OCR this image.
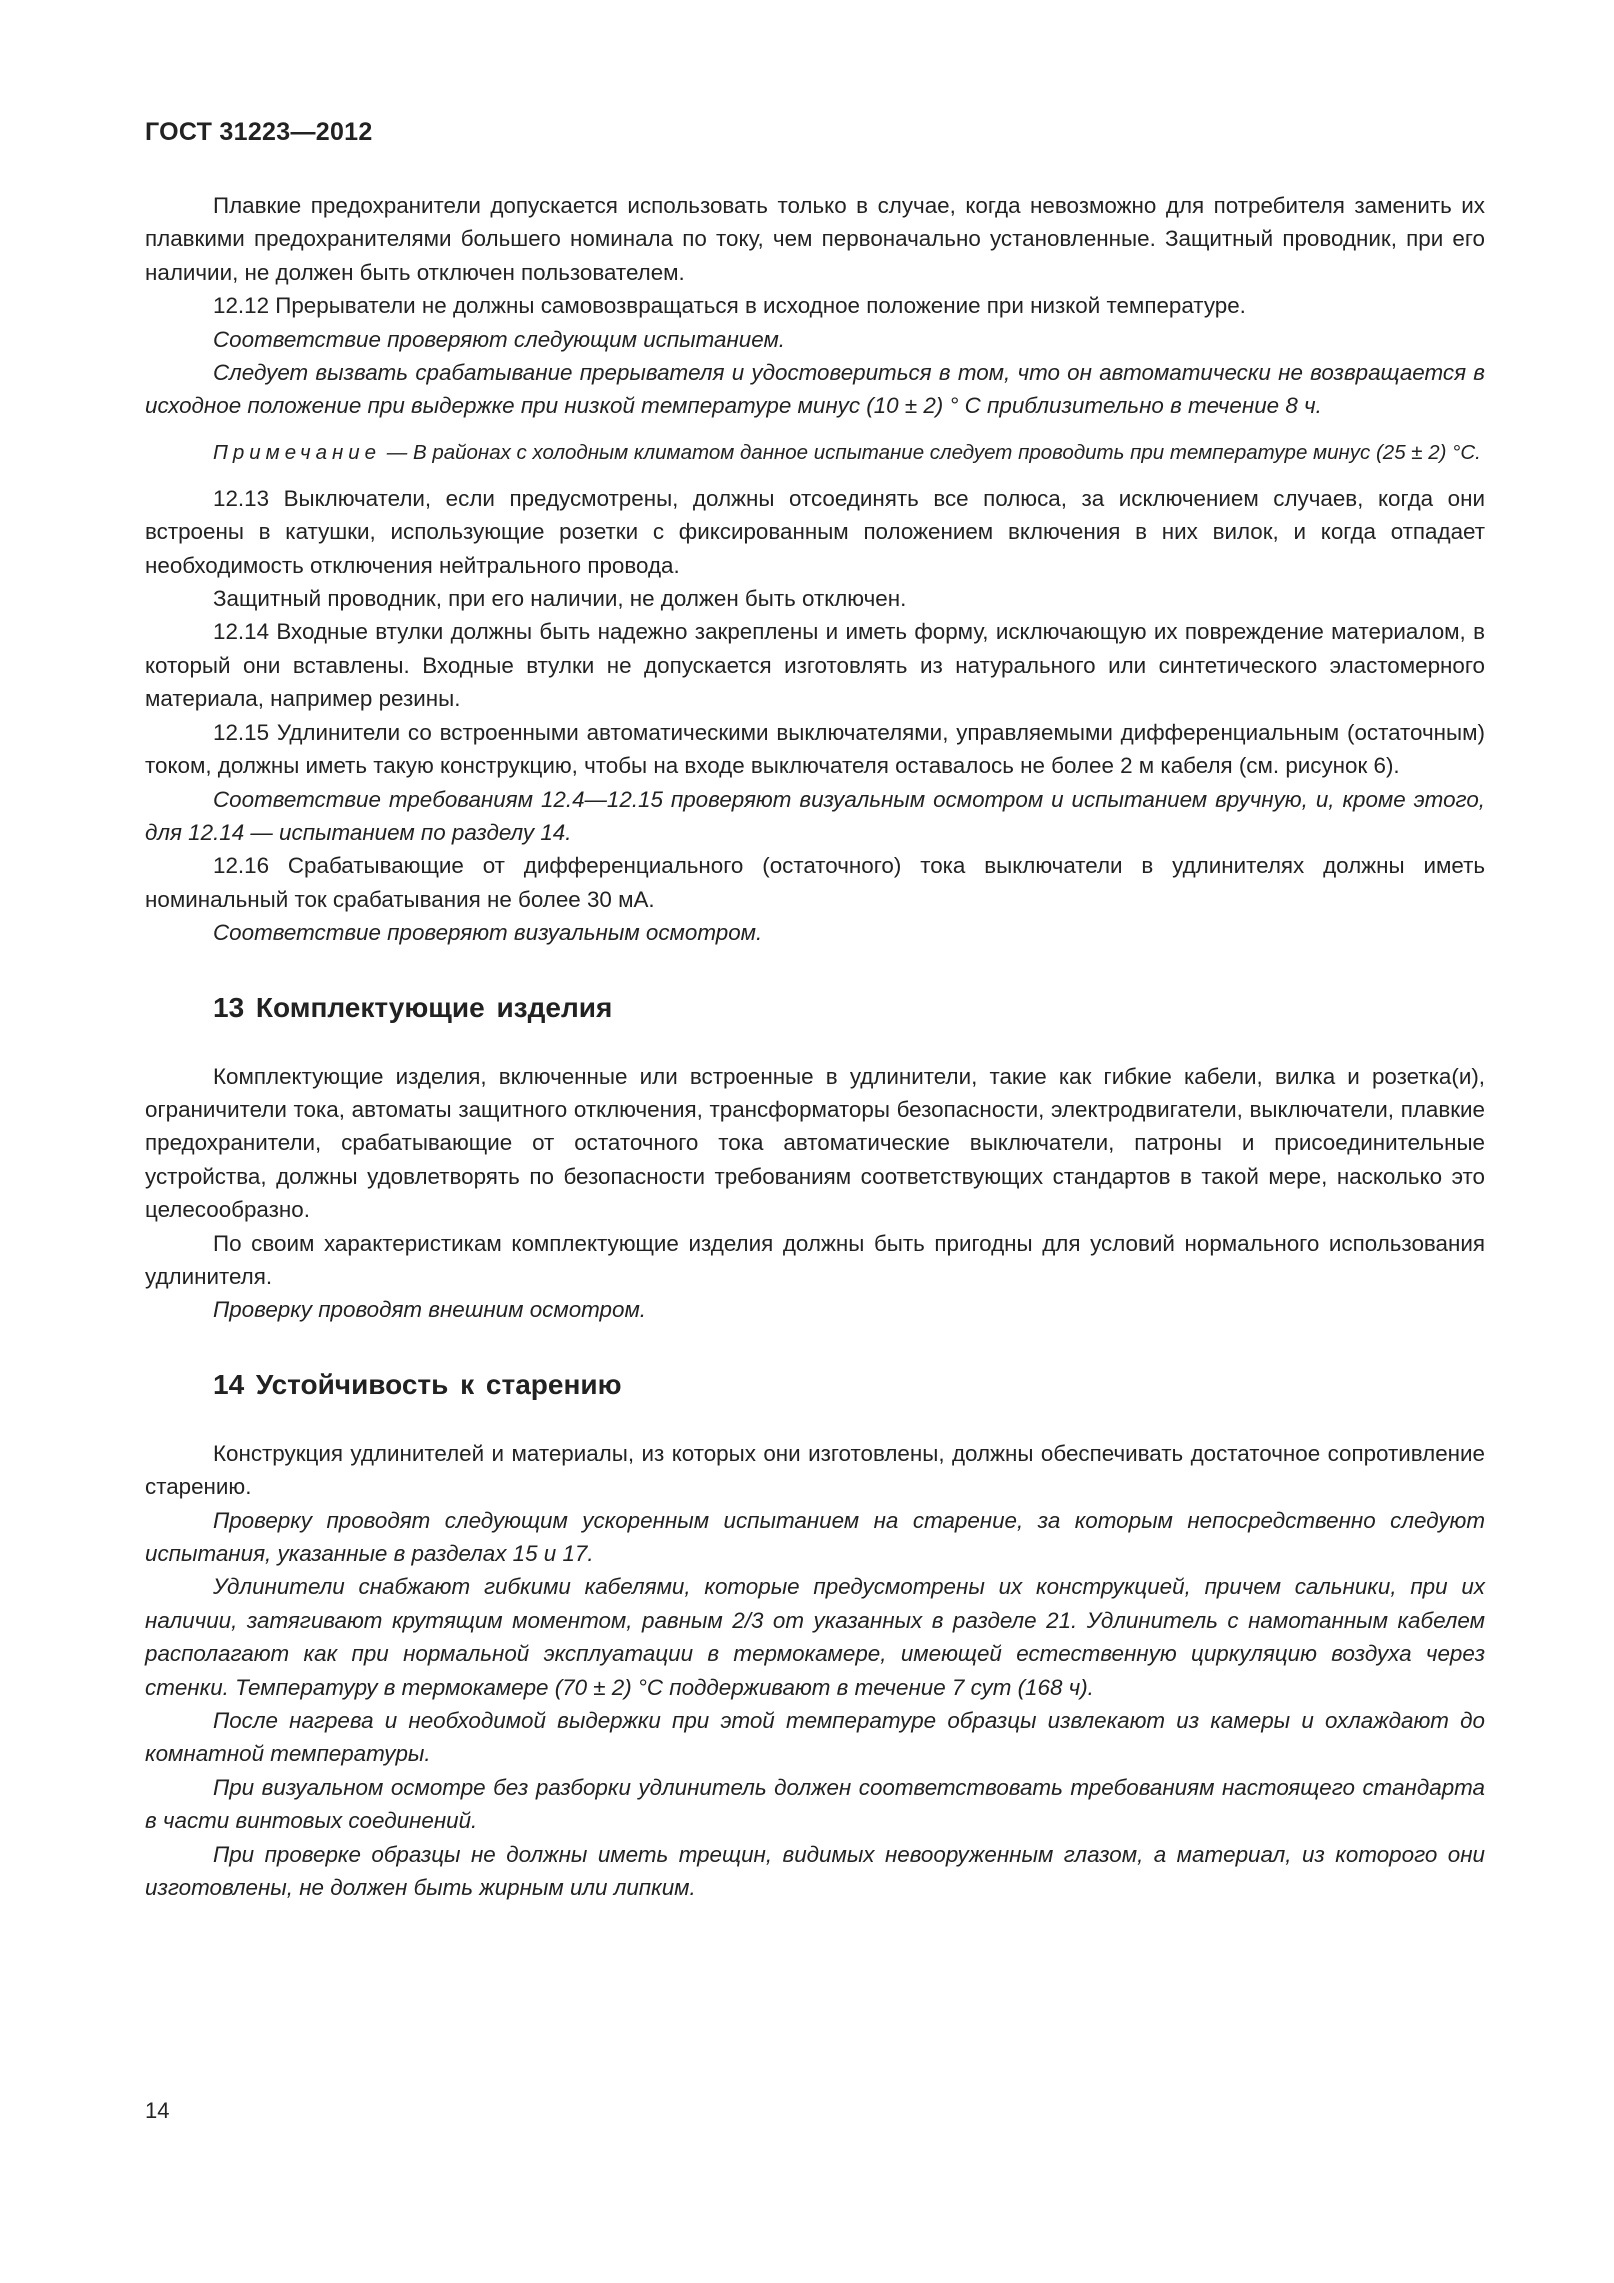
ГОСТ 31223—2012

Плавкие предохранители допускается использовать только в случае, когда невозможно для потребителя заменить их плавкими предохранителями большего номинала по току, чем первоначально установленные. Защитный проводник, при его наличии, не должен быть отключен пользователем.

12.12 Прерыватели не должны самовозвращаться в исходное положение при низкой температуре.

Соответствие проверяют следующим испытанием.

Следует вызвать срабатывание прерывателя и удостовериться в том, что он автоматически не возвращается в исходное положение при выдержке при низкой температуре минус (10 ± 2) ° С приблизительно в течение 8 ч.

Примечание — В районах с холодным климатом данное испытание следует проводить при температуре минус (25 ± 2) °С.

12.13 Выключатели, если предусмотрены, должны отсоединять все полюса, за исключением случаев, когда они встроены в катушки, использующие розетки с фиксированным положением включения в них вилок, и когда отпадает необходимость отключения нейтрального провода.

Защитный проводник, при его наличии, не должен быть отключен.

12.14 Входные втулки должны быть надежно закреплены и иметь форму, исключающую их повреждение материалом, в который они вставлены. Входные втулки не допускается изготовлять из натурального или синтетического эластомерного материала, например резины.

12.15 Удлинители со встроенными автоматическими выключателями, управляемыми дифференциальным (остаточным) током, должны иметь такую конструкцию, чтобы на входе выключателя оставалось не более 2 м кабеля (см. рисунок 6).

Соответствие требованиям 12.4—12.15 проверяют визуальным осмотром и испытанием вручную, и, кроме этого, для 12.14 — испытанием по разделу 14.

12.16 Срабатывающие от дифференциального (остаточного) тока выключатели в удлинителях должны иметь номинальный ток срабатывания не более 30 мА.

Соответствие проверяют визуальным осмотром.

13 Комплектующие изделия

Комплектующие изделия, включенные или встроенные в удлинители, такие как гибкие кабели, вилка и розетка(и), ограничители тока, автоматы защитного отключения, трансформаторы безопасности, электродвигатели, выключатели, плавкие предохранители, срабатывающие от остаточного тока автоматические выключатели, патроны и присоединительные устройства, должны удовлетворять по безопасности требованиям соответствующих стандартов в такой мере, насколько это целесообразно.

По своим характеристикам комплектующие изделия должны быть пригодны для условий нормального использования удлинителя.

Проверку проводят внешним осмотром.

14 Устойчивость к старению

Конструкция удлинителей и материалы, из которых они изготовлены, должны обеспечивать достаточное сопротивление старению.

Проверку проводят следующим ускоренным испытанием на старение, за которым непосредственно следуют испытания, указанные в разделах 15 и 17.

Удлинители снабжают гибкими кабелями, которые предусмотрены их конструкцией, причем сальники, при их наличии, затягивают крутящим моментом, равным 2/3 от указанных в разделе 21. Удлинитель с намотанным кабелем располагают как при нормальной эксплуатации в термокамере, имеющей естественную циркуляцию воздуха через стенки. Температуру в термокамере (70 ± 2) °С поддерживают в течение 7 сут (168 ч).

После нагрева и необходимой выдержки при этой температуре образцы извлекают из камеры и охлаждают до комнатной температуры.

При визуальном осмотре без разборки удлинитель должен соответствовать требованиям настоящего стандарта в части винтовых соединений.

При проверке образцы не должны иметь трещин, видимых невооруженным глазом, а материал, из которого они изготовлены, не должен быть жирным или липким.

14
